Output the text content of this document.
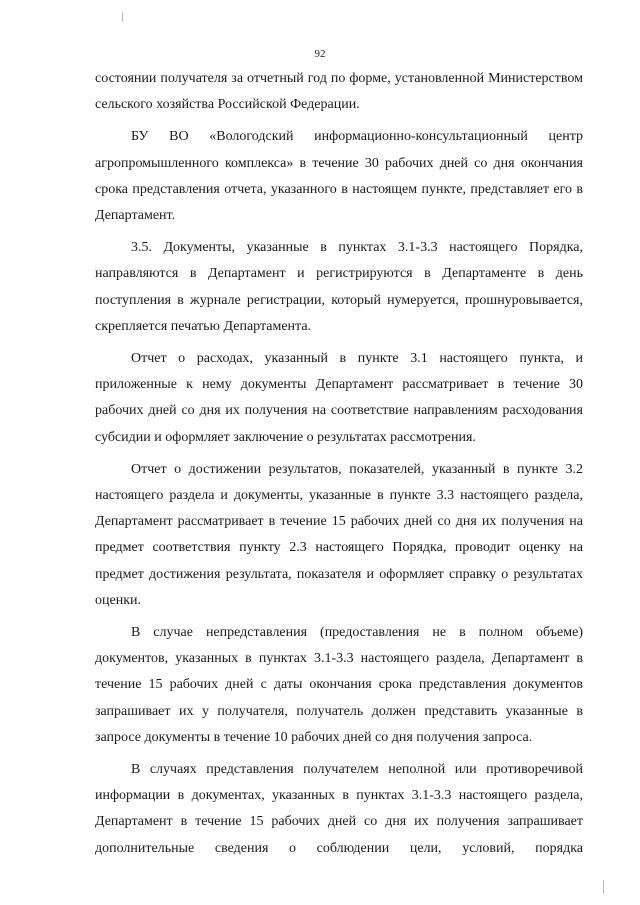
92

состоянии получателя за отчетный год по форме, установленной Министерством сельского хозяйства Российской Федерации.

БУ ВО «Вологодский информационно-консультационный центр агропромышленного комплекса» в течение 30 рабочих дней со дня окончания срока представления отчета, указанного в настоящем пункте, представляет его в Департамент.

3.5. Документы, указанные в пунктах 3.1-3.3 настоящего Порядка, направляются в Департамент и регистрируются в Департаменте в день поступления в журнале регистрации, который нумеруется, прошнуровывается, скрепляется печатью Департамента.

Отчет о расходах, указанный в пункте 3.1 настоящего пункта, и приложенные к нему документы Департамент рассматривает в течение 30 рабочих дней со дня их получения на соответствие направлениям расходования субсидии и оформляет заключение о результатах рассмотрения.

Отчет о достижении результатов, показателей, указанный в пункте 3.2 настоящего раздела и документы, указанные в пункте 3.3 настоящего раздела, Департамент рассматривает в течение 15 рабочих дней со дня их получения на предмет соответствия пункту 2.3 настоящего Порядка, проводит оценку на предмет достижения результата, показателя и оформляет справку о результатах оценки.

В случае непредставления (предоставления не в полном объеме) документов, указанных в пунктах 3.1-3.3 настоящего раздела, Департамент в течение 15 рабочих дней с даты окончания срока представления документов запрашивает их у получателя, получатель должен представить указанные в запросе документы в течение 10 рабочих дней со дня получения запроса.

В случаях представления получателем неполной или противоречивой информации в документах, указанных в пунктах 3.1-3.3 настоящего раздела, Департамент в течение 15 рабочих дней со дня их получения запрашивает дополнительные сведения о соблюдении цели, условий, порядка
